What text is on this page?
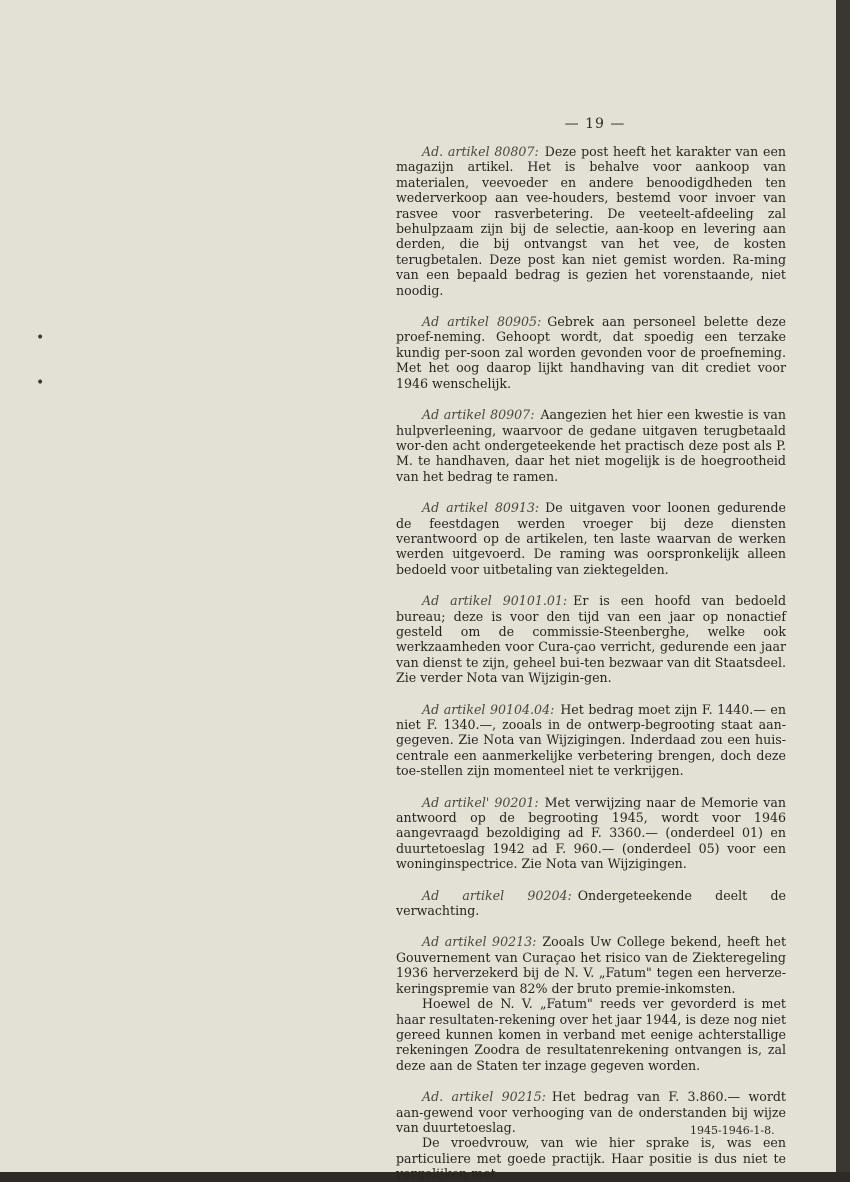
•
•
— 19 —

Ad. artikel 80807: Deze post heeft het karakter van een magazijn artikel. Het is behalve voor aankoop van materialen, veevoeder en andere benoodigdheden ten wederverkoop aan vee-houders, bestemd voor invoer van rasvee voor rasverbetering. De veeteelt-afdeeling zal behulpzaam zijn bij de selectie, aan-koop en levering aan derden, die bij ontvangst van het vee, de kosten terugbetalen. Deze post kan niet gemist worden. Ra-ming van een bepaald bedrag is gezien het vorenstaande, niet noodig.

Ad artikel 80905: Gebrek aan personeel belette deze proef-neming. Gehoopt wordt, dat spoedig een terzake kundig per-soon zal worden gevonden voor de proefneming. Met het oog daarop lijkt handhaving van dit crediet voor 1946 wenschelijk.

Ad artikel 80907: Aangezien het hier een kwestie is van hulpverleening, waarvoor de gedane uitgaven terugbetaald wor-den acht ondergeteekende het practisch deze post als P. M. te handhaven, daar het niet mogelijk is de hoegrootheid van het bedrag te ramen.

Ad artikel 80913: De uitgaven voor loonen gedurende de feestdagen werden vroeger bij deze diensten verantwoord op de artikelen, ten laste waarvan de werken werden uitgevoerd. De raming was oorspronkelijk alleen bedoeld voor uitbetaling van ziektegelden.

Ad artikel 90101.01: Er is een hoofd van bedoeld bureau; deze is voor den tijd van een jaar op nonactief gesteld om de commissie-Steenberghe, welke ook werkzaamheden voor Cura-çao verricht, gedurende een jaar van dienst te zijn, geheel bui-ten bezwaar van dit Staatsdeel. Zie verder Nota van Wijzigin-gen.

Ad artikel 90104.04: Het bedrag moet zijn F. 1440.— en niet F. 1340.—, zooals in de ontwerp-begrooting staat aan-gegeven. Zie Nota van Wijzigingen. Inderdaad zou een huis-centrale een aanmerkelijke verbetering brengen, doch deze toe-stellen zijn momenteel niet te verkrijgen.

Ad artikel' 90201: Met verwijzing naar de Memorie van antwoord op de begrooting 1945, wordt voor 1946 aangevraagd bezoldiging ad F. 3360.— (onderdeel 01) en duurtetoeslag 1942 ad F. 960.— (onderdeel 05) voor een woninginspectrice. Zie Nota van Wijzigingen.

Ad artikel 90204: Ondergeteekende deelt de verwachting.

Ad artikel 90213: Zooals Uw College bekend, heeft het Gouvernement van Curaçao het risico van de Ziekteregeling 1936 herverzekerd bij de N. V. „Fatum" tegen een herverze-keringspremie van 82% der bruto premie-inkomsten.

Hoewel de N. V. „Fatum" reeds ver gevorderd is met haar resultaten-rekening over het jaar 1944, is deze nog niet gereed kunnen komen in verband met eenige achterstallige rekeningen Zoodra de resultatenrekening ontvangen is, zal deze aan de Staten ter inzage gegeven worden.

Ad. artikel 90215: Het bedrag van F. 3.860.— wordt aan-gewend voor verhooging van de onderstanden bij wijze van duurtetoeslag.

De vroedvrouw, van wie hier sprake is, was een particuliere met goede practijk. Haar positie is dus niet te vergelijken met

1945-1946-1-8.
